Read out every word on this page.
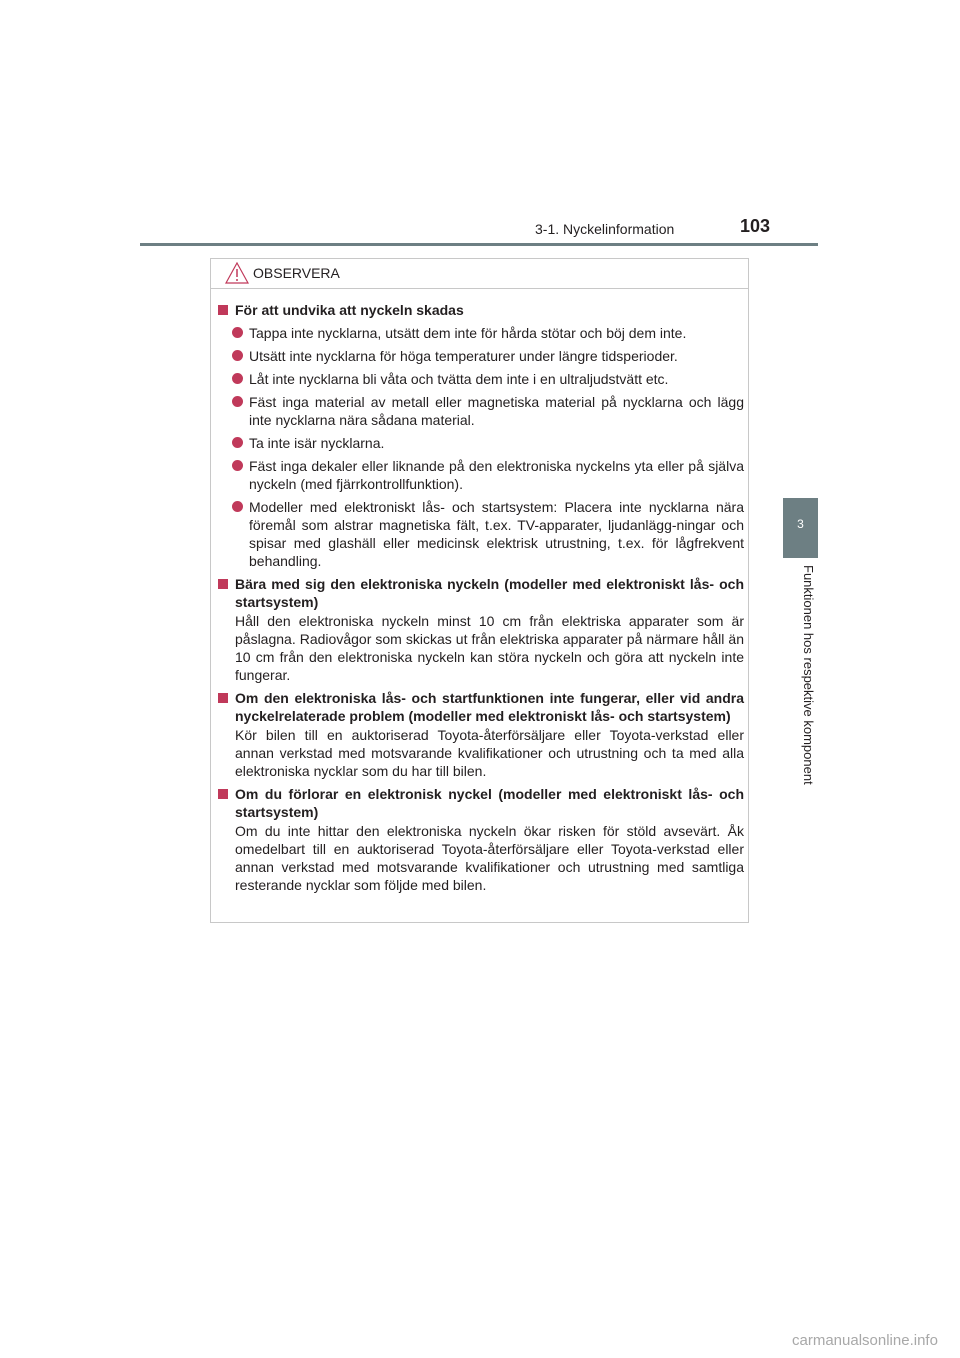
3-1. Nyckelinformation	103
3
Funktionen hos respektive komponent
OBSERVERA
För att undvika att nyckeln skadas
Tappa inte nycklarna, utsätt dem inte för hårda stötar och böj dem inte.
Utsätt inte nycklarna för höga temperaturer under längre tidsperioder.
Låt inte nycklarna bli våta och tvätta dem inte i en ultraljudstvätt etc.
Fäst inga material av metall eller magnetiska material på nycklarna och lägg inte nycklarna nära sådana material.
Ta inte isär nycklarna.
Fäst inga dekaler eller liknande på den elektroniska nyckelns yta eller på själva nyckeln (med fjärrkontrollfunktion).
Modeller med elektroniskt lås- och startsystem: Placera inte nycklarna nära föremål som alstrar magnetiska fält, t.ex. TV-apparater, ljudanlägg-ningar och spisar med glashäll eller medicinsk elektrisk utrustning, t.ex. för lågfrekvent behandling.
Bära med sig den elektroniska nyckeln (modeller med elektroniskt lås- och startsystem)
Håll den elektroniska nyckeln minst 10 cm från elektriska apparater som är påslagna. Radiovågor som skickas ut från elektriska apparater på närmare håll än 10 cm från den elektroniska nyckeln kan störa nyckeln och göra att nyckeln inte fungerar.
Om den elektroniska lås- och startfunktionen inte fungerar, eller vid andra nyckelrelaterade problem (modeller med elektroniskt lås- och startsystem)
Kör bilen till en auktoriserad Toyota-återförsäljare eller Toyota-verkstad eller annan verkstad med motsvarande kvalifikationer och utrustning och ta med alla elektroniska nycklar som du har till bilen.
Om du förlorar en elektronisk nyckel (modeller med elektroniskt lås- och startsystem)
Om du inte hittar den elektroniska nyckeln ökar risken för stöld avsevärt. Åk omedelbart till en auktoriserad Toyota-återförsäljare eller Toyota-verkstad eller annan verkstad med motsvarande kvalifikationer och utrustning med samtliga resterande nycklar som följde med bilen.
carmanualsonline.info
